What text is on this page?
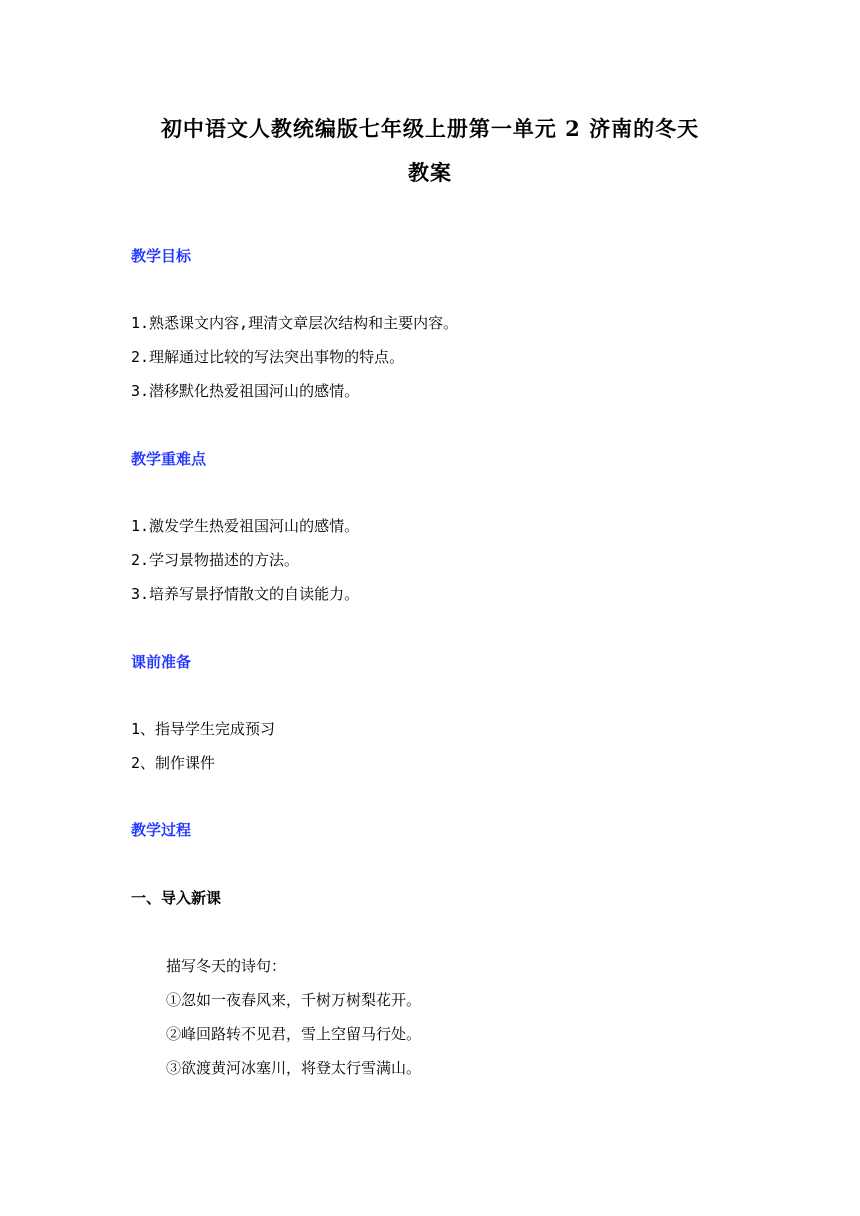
初中语文人教统编版七年级上册第一单元 2 济南的冬天
教案
教学目标
1.熟悉课文内容,理清文章层次结构和主要内容。
2.理解通过比较的写法突出事物的特点。
3.潜移默化热爱祖国河山的感情。
教学重难点
1.激发学生热爱祖国河山的感情。
2.学习景物描述的方法。
3.培养写景抒情散文的自读能力。
课前准备
1、指导学生完成预习
2、制作课件
教学过程
一、导入新课
描写冬天的诗句：
①忽如一夜春风来，千树万树梨花开。
②峰回路转不见君，雪上空留马行处。
③欲渡黄河冰塞川，将登太行雪满山。
